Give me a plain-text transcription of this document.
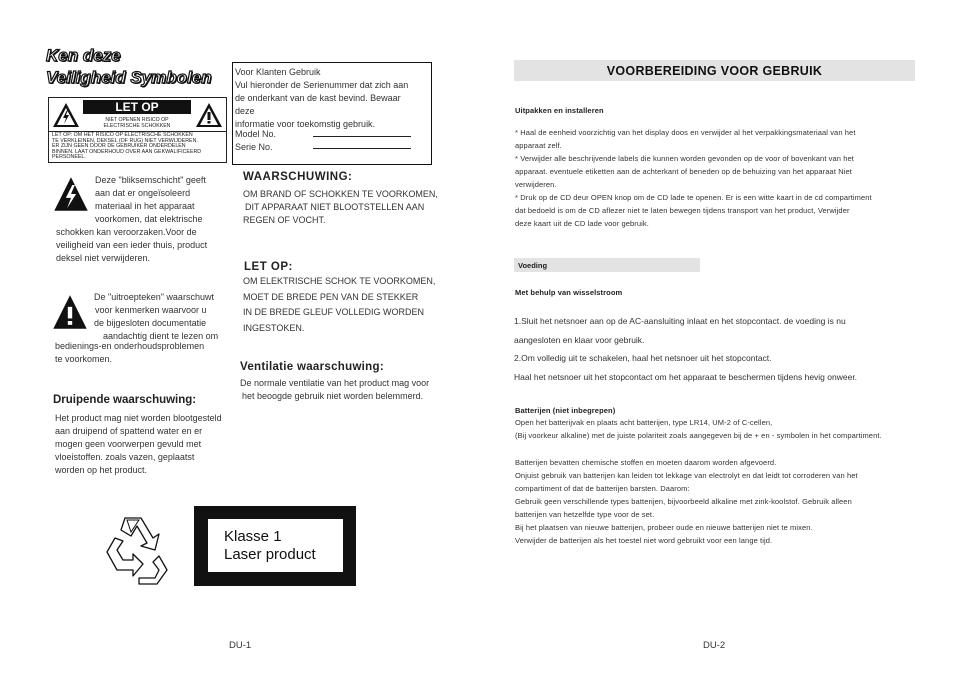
Ken deze
Veiligheid Symbolen
LET OP
NIET OPENEN RISICO OP
ELECTRISCHE SCHOKKEN
LET OP: OM HET RISICO OP ELECTRISCHE SCHOKKEN
TE VERKLEINEN, DEKSEL (OF RUG) NIET VERWIJDEREN.
ER ZIJN GEEN DOOR DE GEBRUIKER ONDERDELEN
BINNEN. LAAT ONDERHOUD OVER AAN GEKWALIFICEERD
PERSONEEL.
Deze "bliksemschicht" geeft
aan dat er ongeïsoleerd
materiaal in het apparaat
voorkomen, dat elektrische
schokken kan veroorzaken.Voor de
veiligheid van een ieder thuis, product
deksel niet verwijderen.
De "uitroepteken" waarschuwt
voor kenmerken waarvoor u
de bijgesloten documentatie
aandachtig dient te lezen om
bedienings-en onderhoudsproblemen
te voorkomen.
Druipende waarschuwing:
Het product mag niet worden blootgesteld
aan druipend of spattend water en er
mogen geen voorwerpen gevuld met
vloeistoffen. zoals vazen, geplaatst
worden op het product.
Voor Klanten Gebruik
Vul hieronder de Serienummer dat zich aan
de onderkant van de kast bevind. Bewaar
deze
informatie voor toekomstig gebruik.
Model No.
Serie No.
WAARSCHUWING:
OM BRAND OF SCHOKKEN TE VOORKOMEN,
DIT APPARAAT NIET BLOOTSTELLEN AAN
REGEN OF VOCHT.
LET OP:
OM ELEKTRISCHE SCHOK TE VOORKOMEN,
MOET DE BREDE PEN VAN DE STEKKER
IN DE BREDE GLEUF VOLLEDIG WORDEN
INGESTOKEN.
Ventilatie waarschuwing:
De normale ventilatie van het product mag voor
het beoogde gebruik niet worden belemmerd.
Klasse 1
Laser product
DU-1
VOORBEREIDING VOOR GEBRUIK
Uitpakken en installeren
* Haal de eenheid voorzichtig van het display doos en verwijder al het verpakkingsmateriaal van het
apparaat zelf.
* Verwijder alle beschrijvende labels die kunnen worden gevonden op de voor of bovenkant van het
apparaat. eventuele etiketten aan de achterkant of beneden op de behuizing van het apparaat Niet
verwijderen.
* Druk op de CD deur OPEN knop om de CD lade te openen. Er is een witte kaart in de cd compartiment
dat bedoeld is om de CD aflezer niet te laten bewegen tijdens transport van het product, Verwijder
deze kaart uit de CD lade voor gebruik.
Voeding
Met behulp van wisselstroom
1.Sluit het netsnoer aan op de AC-aansluiting inlaat en het stopcontact. de voeding is nu
aangesloten en klaar voor gebruik.
2.Om volledig uit te schakelen, haal het netsnoer uit het stopcontact.
Haal het netsnoer uit het stopcontact om het apparaat te beschermen tijdens hevig onweer.
Batterijen (niet inbegrepen)
Open het batterijvak en plaats acht batterijen, type LR14, UM-2 of C-cellen,
(Bij voorkeur alkaline) met de juiste polariteit zoals aangegeven bij de + en - symbolen in het compartiment.
Batterijen bevatten chemische stoffen en moeten daarom worden afgevoerd.
Onjuist gebruik van batterijen kan leiden tot lekkage van electrolyt en dat leidt tot corroderen van het
compartiment of dat de batterijen barsten. Daarom:
Gebruik geen verschillende types batterijen, bijvoorbeeld alkaline met zink-koolstof. Gebruik alleen
batterijen van hetzelfde type voor de set.
Bij het plaatsen van nieuwe batterijen, probeer oude en nieuwe batterijen niet te mixen.
Verwijder de batterijen als het toestel niet word gebruikt voor een lange tijd.
DU-2
